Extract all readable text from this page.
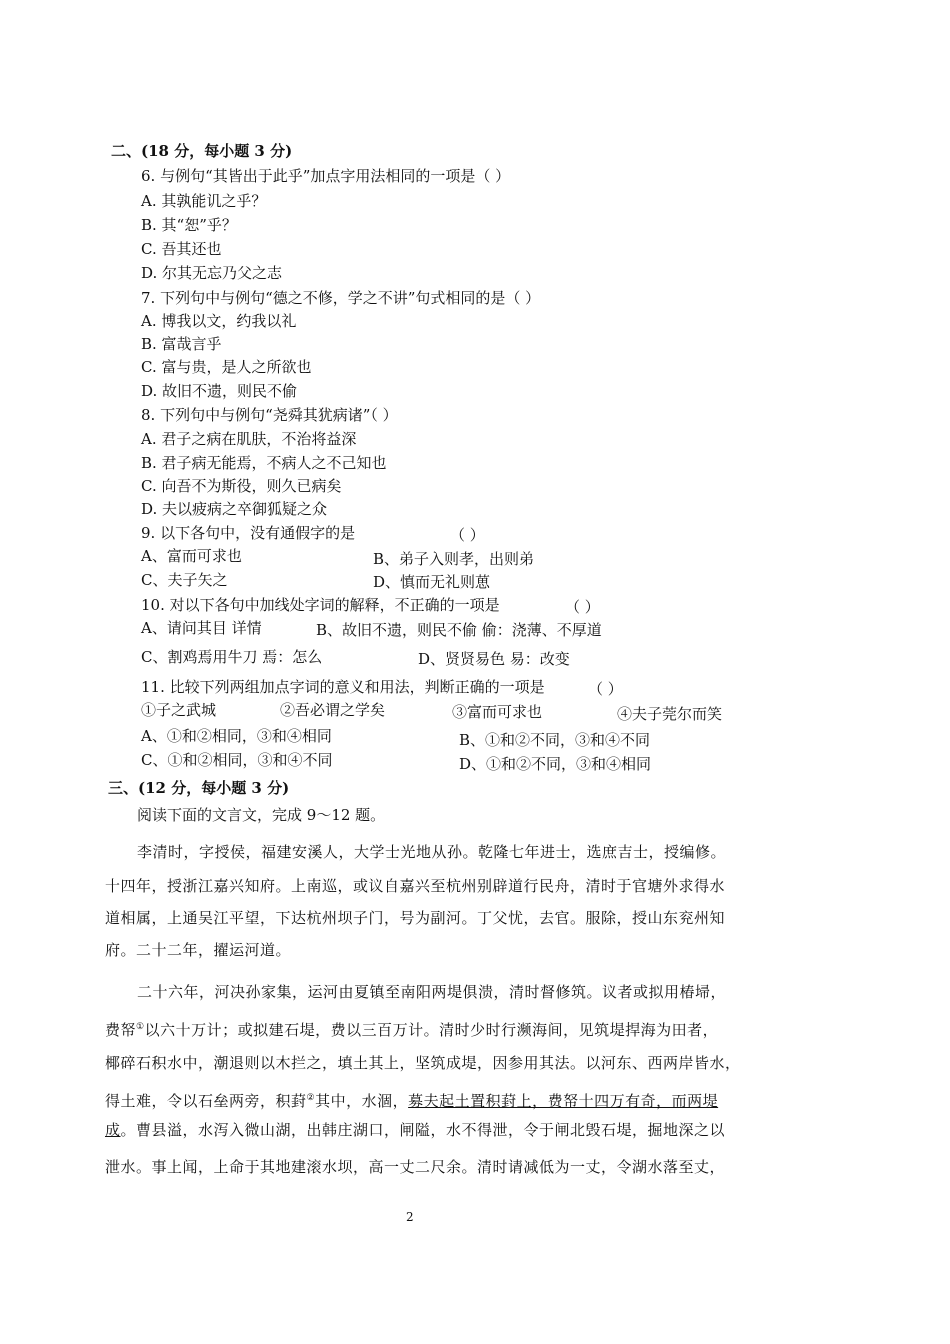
二、(18 分，每小题 3 分)
6. 与例句“其皆出于此乎”加点字用法相同的一项是（ ）
A. 其孰能讥之乎？
B. 其“恕”乎？
C. 吾其还也
D. 尔其无忘乃父之志
7. 下列句中与例句“德之不修，学之不讲”句式相同的是（ ）
A. 博我以文，约我以礼
B. 富哉言乎
C. 富与贵，是人之所欲也
D. 故旧不遗，则民不偷
8. 下列句中与例句“尧舜其犹病诸”（ ）
A. 君子之病在肌肤，不治将益深
B. 君子病无能焉，不病人之不己知也
C. 向吾不为斯役，则久已病矣
D. 夫以疲病之卒御狐疑之众
9. 以下各句中，没有通假字的是	（ ）
A、富而可求也	B、弟子入则孝，出则弟
C、夫子矢之	D、慎而无礼则葸
10. 对以下各句中加线处字词的解释，不正确的一项是	（ ）
A、请问其目 详情	B、故旧不遗，则民不偷 偷：浇薄、不厚道
C、割鸡焉用牛刀 焉：怎么	D、贤贤易色 易：改变
11. 比较下列两组加点字词的意义和用法，判断正确的一项是	（ ）
①子之武城	②吾必谓之学矣	③富而可求也	④夫子莞尔而笑
A、①和②相同，③和④相同	B、①和②不同，③和④不同
C、①和②相同，③和④不同	D、①和②不同，③和④相同
三、(12 分，每小题 3 分)
阅读下面的文言文，完成 9～12 题。
李清时，字授侯，福建安溪人，大学士光地从孙。乾隆七年进士，选庶吉士，授编修。
十四年，授浙江嘉兴知府。上南巡，或议自嘉兴至杭州别辟道行民舟，清时于官塘外求得水
道相属，上通吴江平望，下达杭州坝子门，号为副河。丁父忧，去官。服除，授山东兖州知
府。二十二年，擢运河道。
二十六年，河决孙家集，运河由夏镇至南阳两堤俱溃，清时督修筑。议者或拟用椿埽，
费帑①以六十万计；或拟建石堤，费以三百万计。清时少时行濒海间，见筑堤捍海为田者，
椰碎石积水中，潮退则以木拦之，填土其上，坚筑成堤，因参用其法。以河东、西两岸皆水，
得土难，令以石垒两旁，积葑②其中，水涸，募夫起土置积葑上，费帑十四万有奇，而两堤
成。曹县溢，水泻入微山湖，出韩庄湖口，闸隘，水不得泄，令于闸北毁石堤，掘地深之以
泄水。事上闻，上命于其地建滚水坝，高一丈二尺余。清时请减低为一丈，令湖水落至丈，
2
